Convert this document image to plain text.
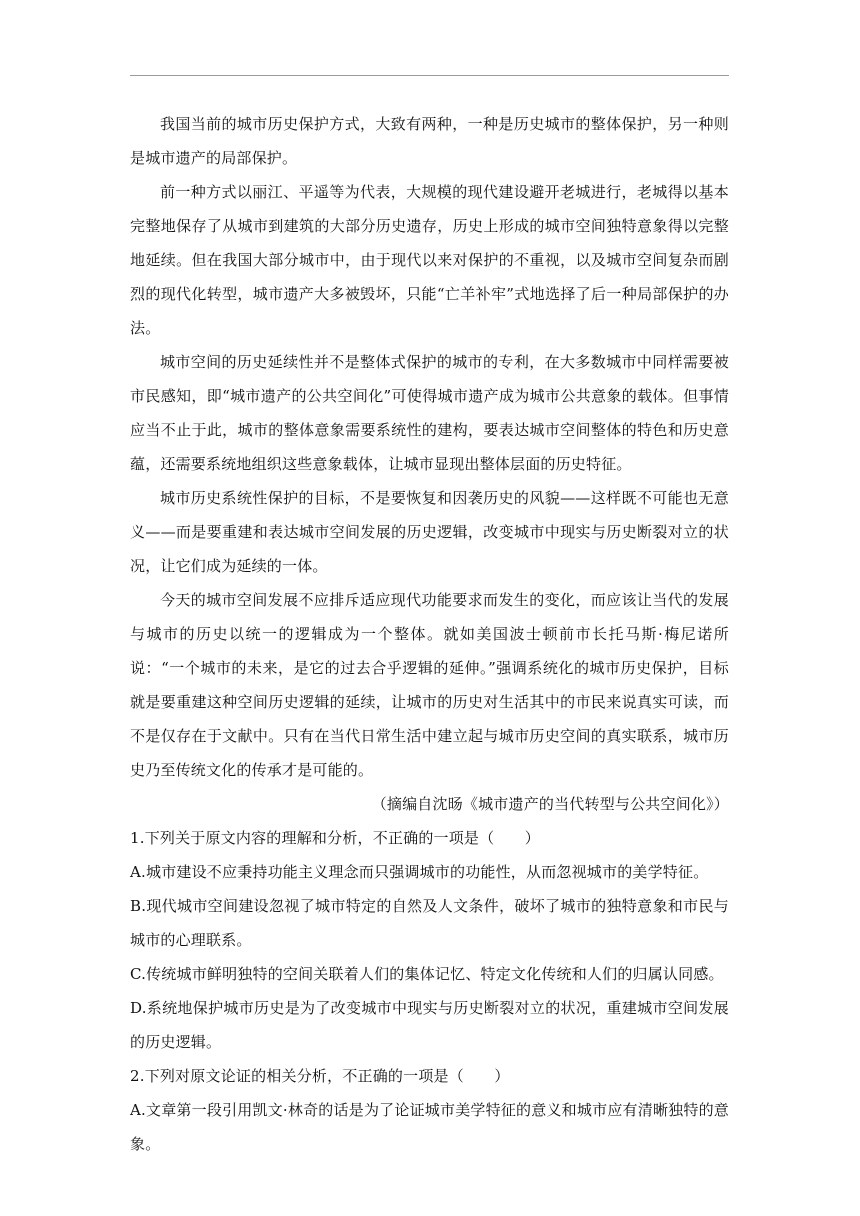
我国当前的城市历史保护方式，大致有两种，一种是历史城市的整体保护，另一种则是城市遗产的局部保护。

前一种方式以丽江、平遥等为代表，大规模的现代建设避开老城进行，老城得以基本完整地保存了从城市到建筑的大部分历史遗存，历史上形成的城市空间独特意象得以完整地延续。但在我国大部分城市中，由于现代以来对保护的不重视，以及城市空间复杂而剧烈的现代化转型，城市遗产大多被毁坏，只能“亡羊补牢”式地选择了后一种局部保护的办法。

城市空间的历史延续性并不是整体式保护的城市的专利，在大多数城市中同样需要被市民感知，即“城市遗产的公共空间化”可使得城市遗产成为城市公共意象的载体。但事情应当不止于此，城市的整体意象需要系统性的建构，要表达城市空间整体的特色和历史意蕴，还需要系统地组织这些意象载体，让城市显现出整体层面的历史特征。

城市历史系统性保护的目标，不是要恢复和因袭历史的风貌——这样既不可能也无意义——而是要重建和表达城市空间发展的历史逻辑，改变城市中现实与历史断裂对立的状况，让它们成为延续的一体。

今天的城市空间发展不应排斥适应现代功能要求而发生的变化，而应该让当代的发展与城市的历史以统一的逻辑成为一个整体。就如美国波士顿前市长托马斯·梅尼诺所说：“一个城市的未来，是它的过去合乎逻辑的延伸。”强调系统化的城市历史保护，目标就是要重建这种空间历史逻辑的延续，让城市的历史对生活其中的市民来说真实可读，而不是仅存在于文献中。只有在当代日常生活中建立起与城市历史空间的真实联系，城市历史乃至传统文化的传承才是可能的。

（摘编自沈旸《城市遗产的当代转型与公共空间化》）

1.下列关于原文内容的理解和分析，不正确的一项是（　　）

A.城市建设不应秉持功能主义理念而只强调城市的功能性，从而忽视城市的美学特征。

B.现代城市空间建设忽视了城市特定的自然及人文条件，破坏了城市的独特意象和市民与城市的心理联系。

C.传统城市鲜明独特的空间关联着人们的集体记忆、特定文化传统和人们的归属认同感。

D.系统地保护城市历史是为了改变城市中现实与历史断裂对立的状况，重建城市空间发展的历史逻辑。

2.下列对原文论证的相关分析，不正确的一项是（　　）

A.文章第一段引用凯文·林奇的话是为了论证城市美学特征的意义和城市应有清晰独特的意象。
